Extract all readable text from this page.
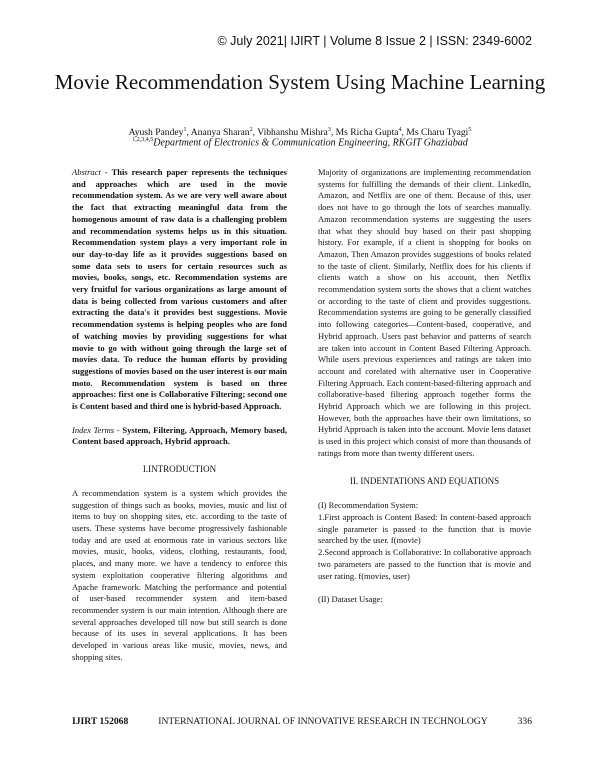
© July 2021| IJIRT | Volume 8 Issue 2 | ISSN: 2349-6002
Movie Recommendation System Using Machine Learning
Ayush Pandey$^1$, Ananya Sharan$^2$, Vibhanshu Mishra$^3$, Ms Richa Gupta$^4$, Ms Charu Tyagi$^5$
$^{1,2,3,4,5}$Department of Electronics & Communication Engineering, RKGIT Ghaziabad

Abstract - This research paper represents the techniques and approaches which are used in the movie recommendation system. As we are very well aware about the fact that extracting meaningful data from the homogenous amount of raw data is a challenging problem and recommendation systems helps us in this situation. Recommendation system plays a very important role in our day-to-day life as it provides suggestions based on some data sets to users for certain resources such as movies, books, songs, etc. Recommendation systems are very fruitful for various organizations as large amount of data is being collected from various customers and after extracting the data's it provides best suggestions. Movie recommendation systems is helping peoples who are fond of watching movies by providing suggestions for what movie to go with without going through the large set of movies data. To reduce the human efforts by providing suggestions of movies based on the user interest is our main moto. Recommendation system is based on three approaches: first one is Collaborative Filtering; second one is Content based and third one is hybrid-based Approach.

Index Terms - System, Filtering, Approach, Memory based, Content based approach, Hybrid approach.

I.INTRODUCTION

A recommendation system is a system which provides the suggestion of things such as books, movies, music and list of items to buy on shopping sites, etc. according to the taste of users. These systems have become progressively fashionable today and are used at enormous rate in various sectors like movies, music, books, videos, clothing, restaurants, food, places, and many more. we have a tendency to enforce this system exploitation cooperative filtering algorithms and Apache framework. Matching the performance and potential of user-based recommender system and item-based recommender system is our main intention. Although there are several approaches developed till now but still search is done because of its uses in several applications. It has been developed in various areas like music, movies, news, and shopping sites.

Majority of organizations are implementing recommendation systems for fulfilling the demands of their client. LinkedIn, Amazon, and Netflix are one of them. Because of this, user does not have to go through the lots of searches manually. Amazon recommendation systems are suggesting the users that what they should buy based on their past shopping history. For example, if a client is shopping for books on Amazon, Then Amazon provides suggestions of books related to the taste of client. Similarly, Netflix does for his clients if clients watch a show on his account, then Netflix recommendation system sorts the shows that a client watches or according to the taste of client and provides suggestions. Recommendation systems are going to be generally classified into following categories—Content-based, cooperative, and Hybrid approach. Users past behavior and patterns of search are taken into account in Content Based Filtering Approach. While users previous experiences and ratings are taken into account and corelated with alternative user in Cooperative Filtering Approach. Each content-based-filtering approach and collaborative-based filtering approach together forms the Hybrid Approach which we are following in this project. However, both the approaches have their own limitations, so Hybrid Approach is taken into the account. Movie lens dataset is used in this project which consist of more than thousands of ratings from more than twenty different users.

II. INDENTATIONS AND EQUATIONS

(I) Recommendation System:

1.First approach is Content Based: In content-based approach single parameter is passed to the function that is movie searched by the user. f(movie)

2.Second approach is Collaborative: In collaborative approach two parameters are passed to the function that is movie and user rating. f(movies, user)

(II) Dataset Usage:

IJIRT 152068	INTERNATIONAL JOURNAL OF INNOVATIVE RESEARCH IN TECHNOLOGY	336
